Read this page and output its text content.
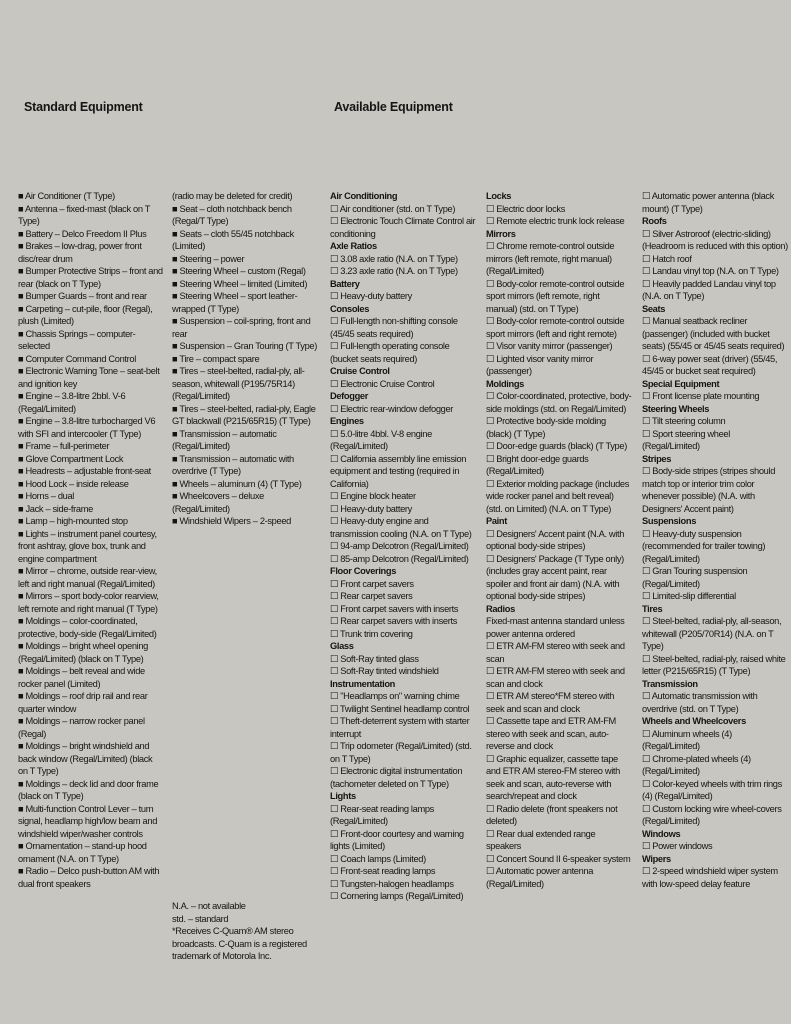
Standard Equipment	Available Equipment
■ Air Conditioner (T Type)
■ Antenna – fixed-mast (black on T Type)
■ Battery – Delco Freedom II Plus
■ Brakes – low-drag, power front disc/rear drum
■ Bumper Protective Strips – front and rear (black on T Type)
■ Bumper Guards – front and rear
■ Carpeting – cut-pile, floor (Regal), plush (Limited)
■ Chassis Springs – computer-selected
■ Computer Command Control
■ Electronic Warning Tone – seat-belt and ignition key
■ Engine – 3.8-litre 2bbl. V-6 (Regal/Limited)
■ Engine – 3.8-litre turbocharged V6 with SFI and intercooler (T Type)
■ Frame – full-perimeter
■ Glove Compartment Lock
■ Headrests – adjustable front-seat
■ Hood Lock – inside release
■ Horns – dual
■ Jack – side-frame
■ Lamp – high-mounted stop
■ Lights – instrument panel courtesy, front ashtray, glove box, trunk and engine compartment
■ Mirror – chrome, outside rear-view, left and right manual (Regal/Limited)
■ Mirrors – sport body-color rearview, left remote and right manual (T Type)
■ Moldings – color-coordinated, protective, body-side (Regal/Limited)
■ Moldings – bright wheel opening (Regal/Limited) (black on T Type)
■ Moldings – belt reveal and wide rocker panel (Limited)
■ Moldings – roof drip rail and rear quarter window
■ Moldings – narrow rocker panel (Regal)
■ Moldings – bright windshield and back window (Regal/Limited) (black on T Type)
■ Moldings – deck lid and door frame (black on T Type)
■ Multi-function Control Lever – turn signal, headlamp high/low beam and windshield wiper/washer controls
■ Ornamentation – stand-up hood ornament (N.A. on T Type)
■ Radio – Delco push-button AM with dual front speakers
(radio may be deleted for credit)
■ Seat – cloth notchback bench (Regal/T Type)
■ Seats – cloth 55/45 notchback (Limited)
■ Steering – power
■ Steering Wheel – custom (Regal)
■ Steering Wheel – limited (Limited)
■ Steering Wheel – sport leather-wrapped (T Type)
■ Suspension – coil-spring, front and rear
■ Suspension – Gran Touring (T Type)
■ Tire – compact spare
■ Tires – steel-belted, radial-ply, all-season, whitewall (P195/75R14) (Regal/Limited)
■ Tires – steel-belted, radial-ply, Eagle GT blackwall (P215/65R15) (T Type)
■ Transmission – automatic (Regal/Limited)
■ Transmission – automatic with overdrive (T Type)
■ Wheels – aluminum (4) (T Type)
■ Wheelcovers – deluxe (Regal/Limited)
■ Windshield Wipers – 2-speed
Air Conditioning
☐ Air conditioner (std. on T Type)
☐ Electronic Touch Climate Control air conditioning
Axle Ratios
☐ 3.08 axle ratio (N.A. on T Type)
☐ 3.23 axle ratio (N.A. on T Type)
Battery
☐ Heavy-duty battery
Consoles
☐ Full-length non-shifting console (45/45 seats required)
☐ Full-length operating console (bucket seats required)
Cruise Control
☐ Electronic Cruise Control
Defogger
☐ Electric rear-window defogger
Engines
☐ 5.0-litre 4bbl. V-8 engine (Regal/Limited)
☐ California assembly line emission equipment and testing (required in California)
☐ Engine block heater
☐ Heavy-duty battery
☐ Heavy-duty engine and transmission cooling (N.A. on T Type)
☐ 94-amp Delcotron (Regal/Limited)
☐ 85-amp Delcotron (Regal/Limited)
Floor Coverings
☐ Front carpet savers
☐ Rear carpet savers
☐ Front carpet savers with inserts
☐ Rear carpet savers with inserts
☐ Trunk trim covering
Glass
☐ Soft-Ray tinted glass
☐ Soft-Ray tinted windshield
Instrumentation
☐ "Headlamps on" warning chime
☐ Twilight Sentinel headlamp control
☐ Theft-deterrent system with starter interrupt
☐ Trip odometer (Regal/Limited) (std. on T Type)
☐ Electronic digital instrumentation (tachometer deleted on T Type)
Lights
☐ Rear-seat reading lamps (Regal/Limited)
☐ Front-door courtesy and warning lights (Limited)
☐ Coach lamps (Limited)
☐ Front-seat reading lamps
☐ Tungsten-halogen headlamps
☐ Cornering lamps (Regal/Limited)
Locks
☐ Electric door locks
☐ Remote electric trunk lock release
Mirrors
☐ Chrome remote-control outside mirrors (left remote, right manual) (Regal/Limited)
☐ Body-color remote-control outside sport mirrors (left remote, right manual) (std. on T Type)
☐ Body-color remote-control outside sport mirrors (left and right remote)
☐ Visor vanity mirror (passenger)
☐ Lighted visor vanity mirror (passenger)
Moldings
☐ Color-coordinated, protective, body-side moldings (std. on Regal/Limited)
☐ Protective body-side molding (black) (T Type)
☐ Door-edge guards (black) (T Type)
☐ Bright door-edge guards (Regal/Limited)
☐ Exterior molding package (includes wide rocker panel and belt reveal) (std. on Limited) (N.A. on T Type)
Paint
☐ Designers' Accent paint (N.A. with optional body-side stripes)
☐ Designers' Package (T Type only) (includes gray accent paint, rear spoiler and front air dam) (N.A. with optional body-side stripes)
Radios
Fixed-mast antenna standard unless power antenna ordered
☐ ETR AM-FM stereo with seek and scan
☐ ETR AM-FM stereo with seek and scan and clock
☐ ETR AM stereo*FM stereo with seek and scan and clock
☐ Cassette tape and ETR AM-FM stereo with seek and scan, auto-reverse and clock
☐ Graphic equalizer, cassette tape and ETR AM stereo-FM stereo with seek and scan, auto-reverse with search/repeat and clock
☐ Radio delete (front speakers not deleted)
☐ Rear dual extended range speakers
☐ Concert Sound II 6-speaker system
☐ Automatic power antenna (Regal/Limited)
☐ Automatic power antenna (black mount) (T Type)
Roofs
☐ Silver Astroroof (electric-sliding) (Headroom is reduced with this option)
☐ Hatch roof
☐ Landau vinyl top (N.A. on T Type)
☐ Heavily padded Landau vinyl top (N.A. on T Type)
Seats
☐ Manual seatback recliner (passenger) (included with bucket seats) (55/45 or 45/45 seats required)
☐ 6-way power seat (driver) (55/45, 45/45 or bucket seat required)
Special Equipment
☐ Front license plate mounting
Steering Wheels
☐ Tilt steering column
☐ Sport steering wheel (Regal/Limited)
Stripes
☐ Body-side stripes (stripes should match top or interior trim color whenever possible) (N.A. with Designers' Accent paint)
Suspensions
☐ Heavy-duty suspension (recommended for trailer towing) (Regal/Limited)
☐ Gran Touring suspension (Regal/Limited)
☐ Limited-slip differential
Tires
☐ Steel-belted, radial-ply, all-season, whitewall (P205/70R14) (N.A. on T Type)
☐ Steel-belted, radial-ply, raised white letter (P215/65R15) (T Type)
Transmission
☐ Automatic transmission with overdrive (std. on T Type)
Wheels and Wheelcovers
☐ Aluminum wheels (4) (Regal/Limited)
☐ Chrome-plated wheels (4) (Regal/Limited)
☐ Color-keyed wheels with trim rings (4) (Regal/Limited)
☐ Custom locking wire wheel-covers (Regal/Limited)
Windows
☐ Power windows
Wipers
☐ 2-speed windshield wiper system with low-speed delay feature
N.A. – not available
std. – standard
*Receives C-Quam® AM stereo broadcasts. C-Quam is a registered trademark of Motorola Inc.
